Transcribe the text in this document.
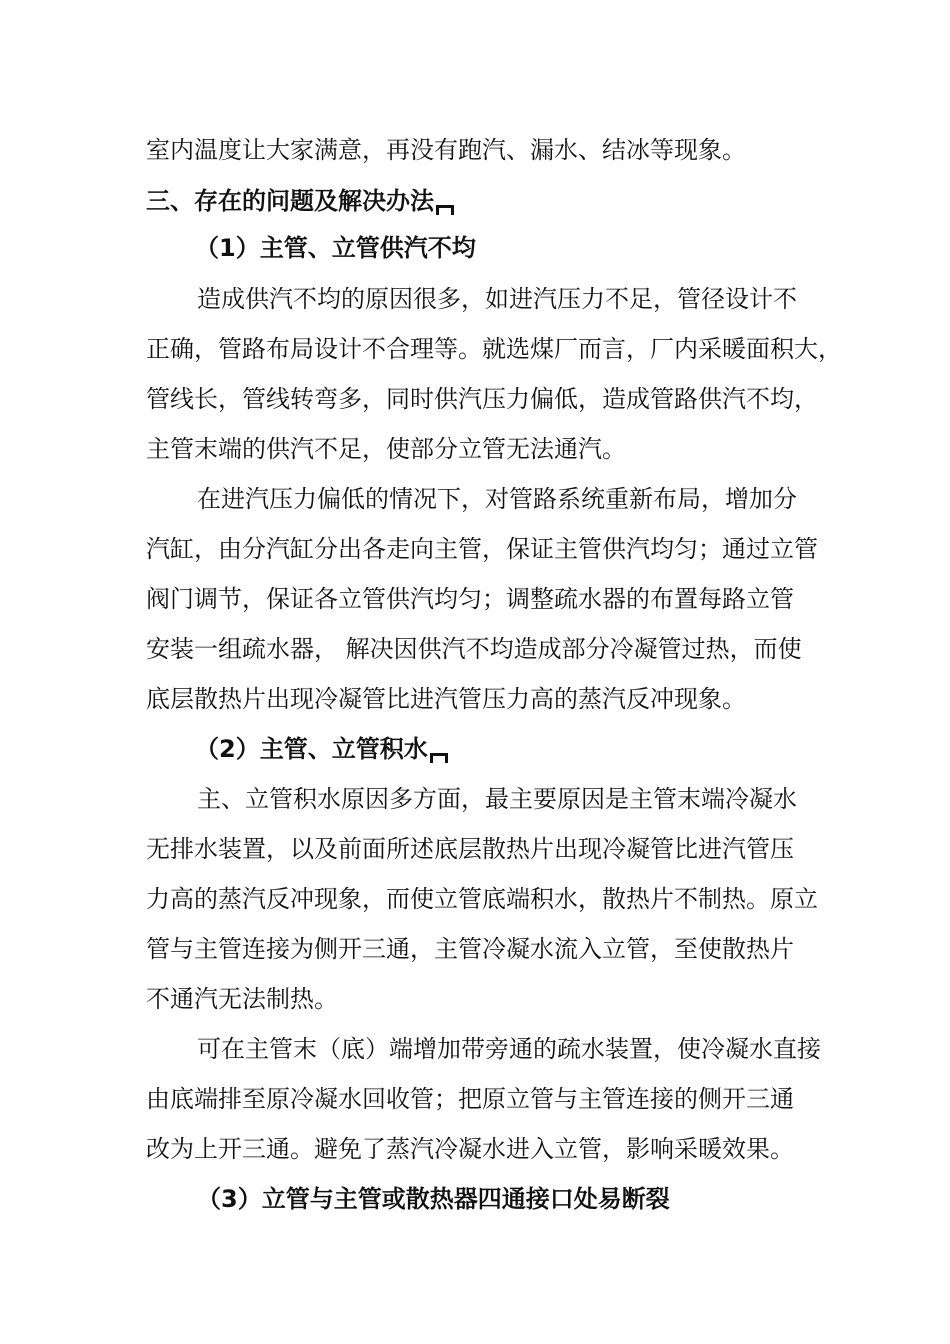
室内温度让大家满意，再没有跑汽、漏水、结冰等现象。
三、存在的问题及解决办法
（1）主管、立管供汽不均
造成供汽不均的原因很多，如进汽压力不足，管径设计不
正确，管路布局设计不合理等。就选煤厂而言，厂内采暖面积大，
管线长，管线转弯多，同时供汽压力偏低，造成管路供汽不均，
主管末端的供汽不足，使部分立管无法通汽。
在进汽压力偏低的情况下，对管路系统重新布局，增加分
汽缸，由分汽缸分出各走向主管，保证主管供汽均匀；通过立管
阀门调节，保证各立管供汽均匀；调整疏水器的布置每路立管
安装一组疏水器， 解决因供汽不均造成部分冷凝管过热，而使
底层散热片出现冷凝管比进汽管压力高的蒸汽反冲现象。
（2）主管、立管积水
主、立管积水原因多方面，最主要原因是主管末端冷凝水
无排水装置，以及前面所述底层散热片出现冷凝管比进汽管压
力高的蒸汽反冲现象，而使立管底端积水，散热片不制热。原立
管与主管连接为侧开三通，主管冷凝水流入立管，至使散热片
不通汽无法制热。
可在主管末（底）端增加带旁通的疏水装置，使冷凝水直接
由底端排至原冷凝水回收管；把原立管与主管连接的侧开三通
改为上开三通。避免了蒸汽冷凝水进入立管，影响采暖效果。
（3）立管与主管或散热器四通接口处易断裂
